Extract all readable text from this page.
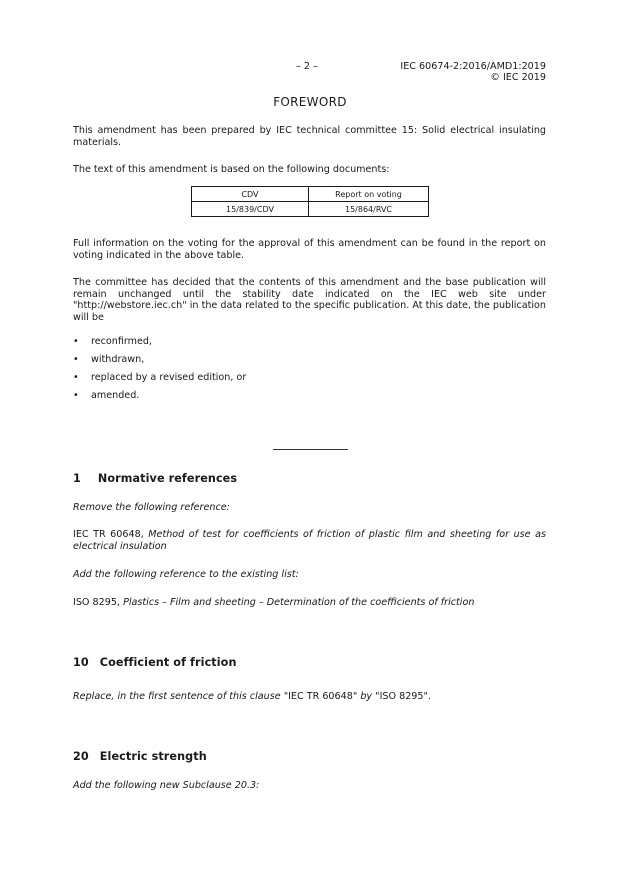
– 2 –	IEC 60674-2:2016/AMD1:2019
© IEC 2019
FOREWORD
This amendment has been prepared by IEC technical committee 15: Solid electrical insulating materials.
The text of this amendment is based on the following documents:
CDV	Report on voting
15/839/CDV	15/864/RVC
Full information on the voting for the approval of this amendment can be found in the report on voting indicated in the above table.
The committee has decided that the contents of this amendment and the base publication will remain unchanged until the stability date indicated on the IEC web site under "http://webstore.iec.ch" in the data related to the specific publication. At this date, the publication will be
• reconfirmed,
• withdrawn,
• replaced by a revised edition, or
• amended.
1 Normative references
Remove the following reference:
IEC TR 60648, Method of test for coefficients of friction of plastic film and sheeting for use as electrical insulation
Add the following reference to the existing list:
ISO 8295, Plastics – Film and sheeting – Determination of the coefficients of friction
10 Coefficient of friction
Replace, in the first sentence of this clause "IEC TR 60648" by "ISO 8295".
20 Electric strength
Add the following new Subclause 20.3:
